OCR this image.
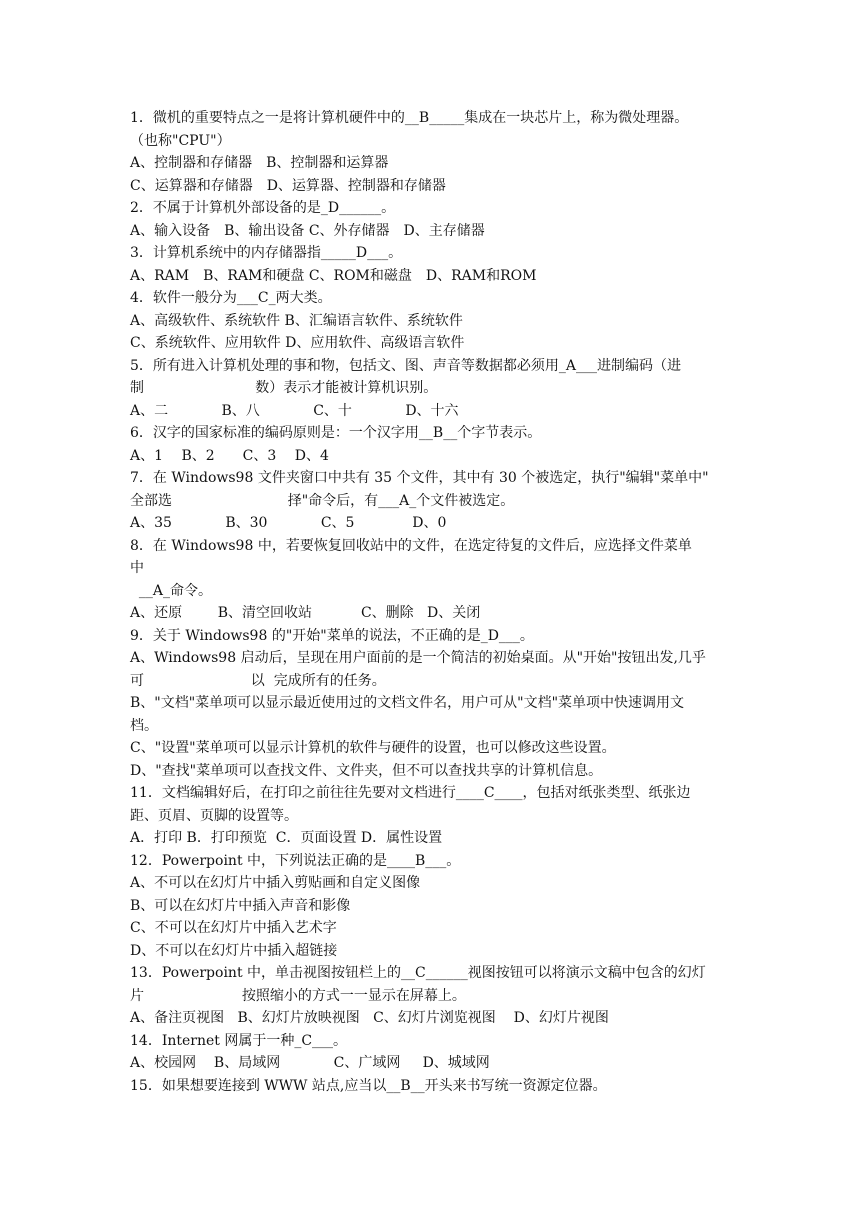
1．微机的重要特点之一是将计算机硬件中的__B_____集成在一块芯片上，称为微处理器。
（也称"CPU"）
A、控制器和存储器　B、控制器和运算器
C、运算器和存储器　D、运算器、控制器和存储器
2．不属于计算机外部设备的是_D______。
A、输入设备　B、输出设备 C、外存储器　D、主存储器
3．计算机系统中的内存储器指_____D___。
A、RAM　B、RAM和硬盘 C、ROM和磁盘　D、RAM和ROM
4．软件一般分为___C_两大类。
A、高级软件、系统软件 B、汇编语言软件、系统软件
C、系统软件、应用软件 D、应用软件、高级语言软件
5．所有进入计算机处理的事和物，包括文、图、声音等数据都必须用_A___进制编码（进
制                         数）表示才能被计算机识别。
A、二            B、八            C、十            D、十六
6．汉字的国家标准的编码原则是：一个汉字用__B__个字节表示。
A、1　 B、2　　C、3　 D、4
7．在 Windows98 文件夹窗口中共有 35 个文件，其中有 30 个被选定，执行"编辑"菜单中"
全部选                          择"命令后，有___A_个文件被选定。
A、35            B、30            C、5             D、0
8．在 Windows98 中，若要恢复回收站中的文件，在选定待复的文件后，应选择文件菜单
中
__A_命令。
A、还原        B、清空回收站           C、删除   D、关闭
9．关于 Windows98 的"开始"菜单的说法，不正确的是_D___。
A、Windows98 启动后，呈现在用户面前的是一个简洁的初始桌面。从"开始"按钮出发,几乎
可                        以  完成所有的任务。
B、"文档"菜单项可以显示最近使用过的文档文件名，用户可从"文档"菜单项中快速调用文
档。
C、"设置"菜单项可以显示计算机的软件与硬件的设置，也可以修改这些设置。
D、"查找"菜单项可以查找文件、文件夹，但不可以查找共享的计算机信息。
11．文档编辑好后，在打印之前往往先要对文档进行____C____，包括对纸张类型、纸张边
距、页眉、页脚的设置等。
A．打印 B．打印预览  C．页面设置 D．属性设置
12．Powerpoint 中，下列说法正确的是____B___。
A、不可以在幻灯片中插入剪贴画和自定义图像
B、可以在幻灯片中插入声音和影像
C、不可以在幻灯片中插入艺术字
D、不可以在幻灯片中插入超链接
13．Powerpoint 中，单击视图按钮栏上的__C______视图按钮可以将演示文稿中包含的幻灯
片                      按照缩小的方式一一显示在屏幕上。
A、备注页视图   B、幻灯片放映视图   C、幻灯片浏览视图    D、幻灯片视图
14．Internet 网属于一种_C___。
A、校园网    B、局域网            C、广域网     D、城域网
15．如果想要连接到 WWW 站点,应当以__B__开头来书写统一资源定位器。
